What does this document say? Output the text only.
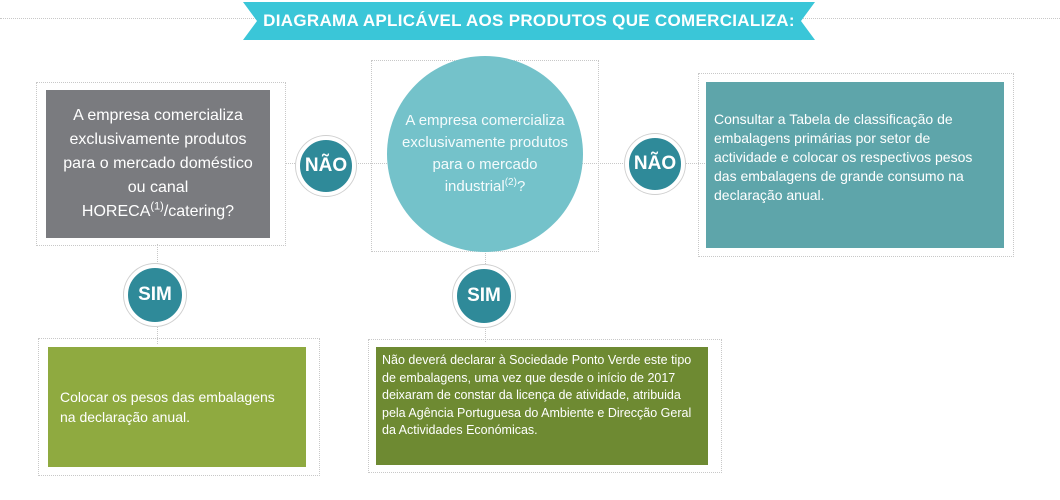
DIAGRAMA APLICÁVEL AOS PRODUTOS QUE COMERCIALIZA:
A empresa comercializa exclusivamente produtos para o mercado doméstico ou canal HORECA$^{(1)}$/catering?
A empresa comercializa exclusivamente produtos para o mercado industrial$^{(2)}$?
Consultar a Tabela de classificação de embalagens primárias por setor de actividade e colocar os respectivos pesos das embalagens de grande consumo na declaração anual.
Colocar os pesos das embalagens na declaração anual.
Não deverá declarar à Sociedade Ponto Verde este tipo de embalagens, uma vez que desde o início de 2017 deixaram de constar da licença de atividade, atribuida pela Agência Portuguesa do Ambiente e Direcção Geral da Actividades Económicas.
NÃO	NÃO
SIM	SIM
